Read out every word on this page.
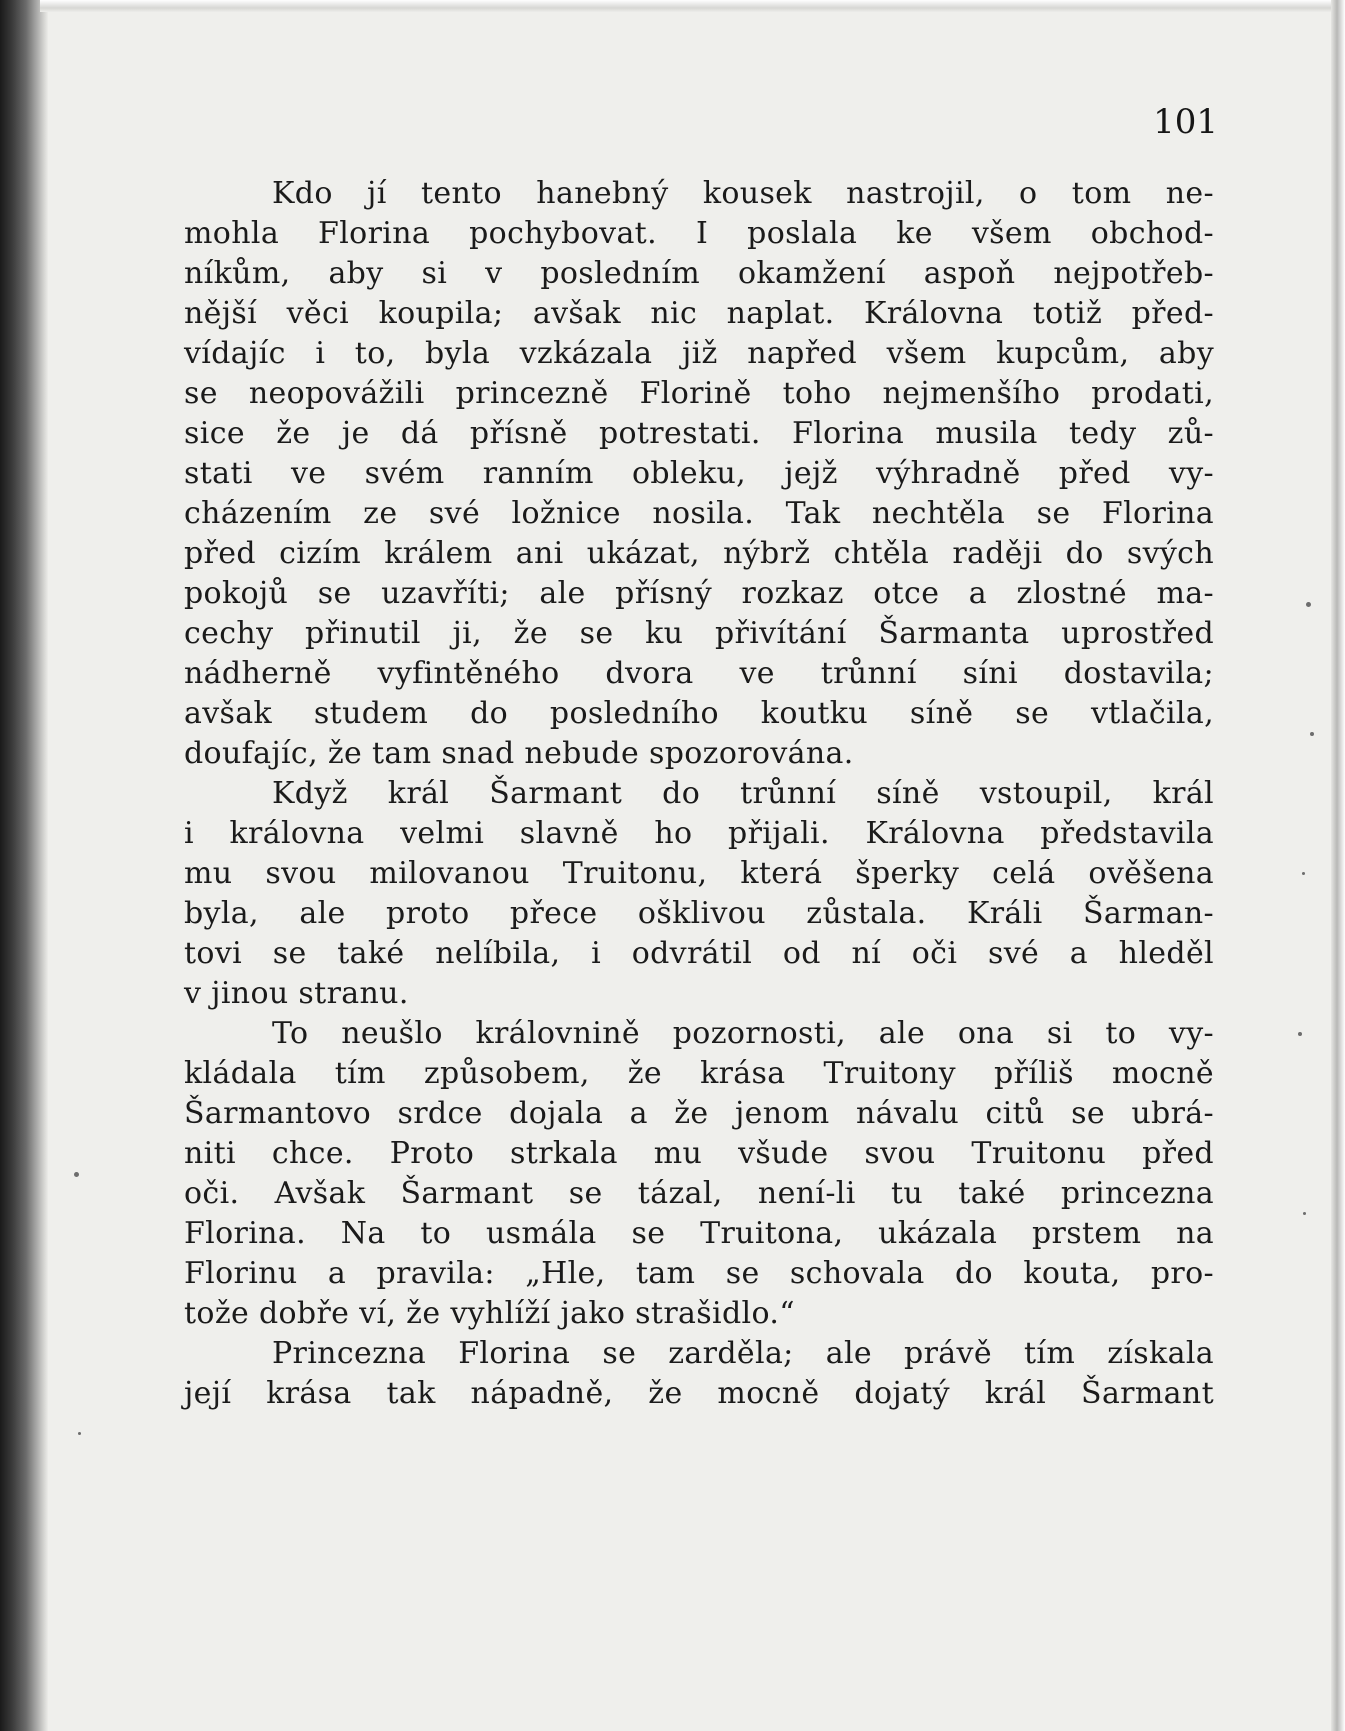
101
Kdo jí tento hanebný kousek nastrojil, o tom ne-
mohla Florina pochybovat. I poslala ke všem obchod-
níkům, aby si v posledním okamžení aspoň nejpotřeb-
nější věci koupila; avšak nic naplat. Královna totiž před-
vídajíc i to, byla vzkázala již napřed všem kupcům, aby
se neopovážili princezně Florině toho nejmenšího prodati,
sice že je dá přísně potrestati. Florina musila tedy zů-
stati ve svém ranním obleku, jejž výhradně před vy-
cházením ze své ložnice nosila. Tak nechtěla se Florina
před cizím králem ani ukázat, nýbrž chtěla raději do svých
pokojů se uzavříti; ale přísný rozkaz otce a zlostné ma-
cechy přinutil ji, že se ku přivítání Šarmanta uprostřed
nádherně vyfintěného dvora ve trůnní síni dostavila;
avšak studem do posledního koutku síně se vtlačila,
doufajíc, že tam snad nebude spozorována.
Když král Šarmant do trůnní síně vstoupil, král
i královna velmi slavně ho přijali. Královna představila
mu svou milovanou Truitonu, která šperky celá ověšena
byla, ale proto přece ošklivou zůstala. Králi Šarman-
tovi se také nelíbila, i odvrátil od ní oči své a hleděl
v jinou stranu.
To neušlo královnině pozornosti, ale ona si to vy-
kládala tím způsobem, že krása Truitony příliš mocně
Šarmantovo srdce dojala a že jenom návalu citů se ubrá-
niti chce. Proto strkala mu všude svou Truitonu před
oči. Avšak Šarmant se tázal, není-li tu také princezna
Florina. Na to usmála se Truitona, ukázala prstem na
Florinu a pravila: „Hle, tam se schovala do kouta, pro-
tože dobře ví, že vyhlíží jako strašidlo.“
Princezna Florina se zarděla; ale právě tím získala
její krása tak nápadně, že mocně dojatý král Šarmant
